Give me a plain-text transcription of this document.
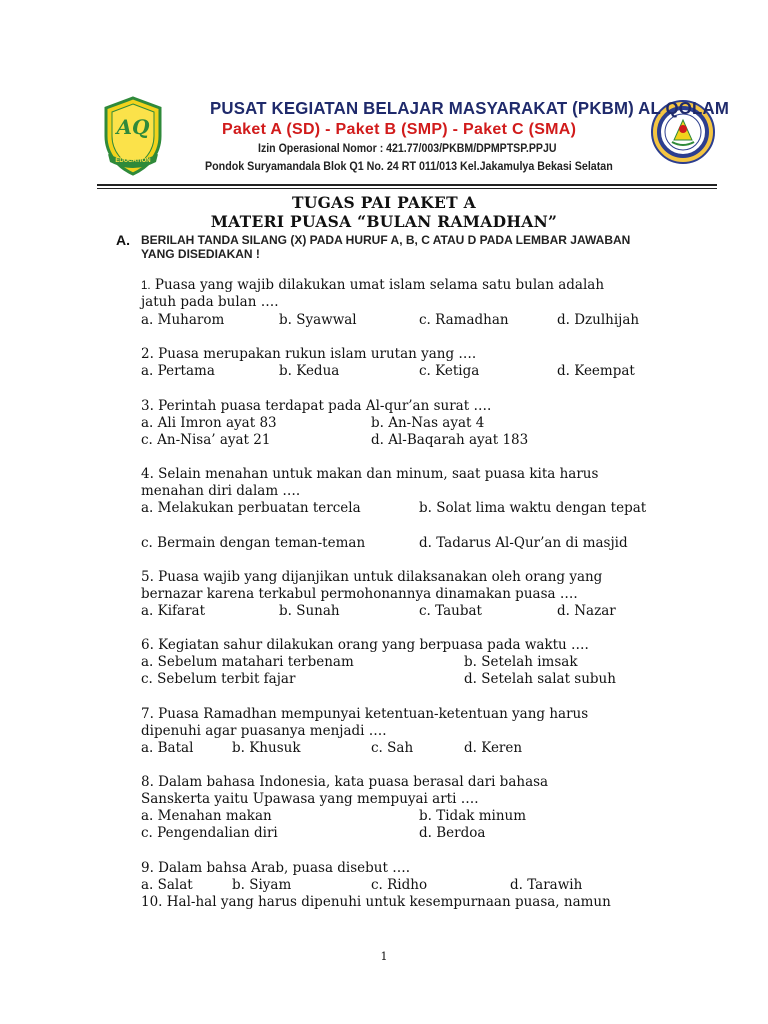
AQ
EDUCATION
PUSAT KEGIATAN BELAJAR MASYARAKAT (PKBM) AL QOLAM
Paket A (SD) - Paket B (SMP) - Paket C (SMA)
Izin Operasional Nomor : 421.77/003/PKBM/DPMPTSP.PPJU
Pondok Suryamandala Blok Q1 No. 24 RT 011/013 Kel.Jakamulya Bekasi Selatan
TUGAS PAI PAKET A
MATERI PUASA “BULAN RAMADHAN”
A. BERILAH TANDA SILANG (X) PADA HURUF A, B, C ATAU D PADA LEMBAR JAWABAN
YANG DISEDIAKAN !
1. Puasa yang wajib dilakukan umat islam selama satu bulan adalah
jatuh pada bulan ….
a. Muharom	b. Syawwal	c. Ramadhan	d. Dzulhijah
2. Puasa merupakan rukun islam urutan yang ….
a. Pertama	b. Kedua	c. Ketiga	d. Keempat
3. Perintah puasa terdapat pada Al-qur’an surat ….
a. Ali Imron ayat 83	b. An-Nas ayat 4
c. An-Nisa’ ayat 21	d. Al-Baqarah ayat 183
4. Selain menahan untuk makan dan minum, saat puasa kita harus
menahan diri dalam ….
a. Melakukan perbuatan tercela	b. Solat lima waktu dengan tepat
c. Bermain dengan teman-teman	d. Tadarus Al-Qur’an di masjid
5. Puasa wajib yang dijanjikan untuk dilaksanakan oleh orang yang
bernazar karena terkabul permohonannya dinamakan puasa ….
a. Kifarat	b. Sunah	c. Taubat	d. Nazar
6. Kegiatan sahur dilakukan orang yang berpuasa pada waktu ….
a. Sebelum matahari terbenam	b. Setelah imsak
c. Sebelum terbit fajar	d. Setelah salat subuh
7. Puasa Ramadhan mempunyai ketentuan-ketentuan yang harus
dipenuhi agar puasanya menjadi ….
a. Batal	b. Khusuk	c. Sah	d. Keren
8. Dalam bahasa Indonesia, kata puasa berasal dari bahasa
Sanskerta yaitu Upawasa yang mempuyai arti ….
a. Menahan makan	b. Tidak minum
c. Pengendalian diri	d. Berdoa
9. Dalam bahsa Arab, puasa disebut ….
a. Salat	b. Siyam	c. Ridho	d. Tarawih
10. Hal-hal yang harus dipenuhi untuk kesempurnaan puasa, namun
1
